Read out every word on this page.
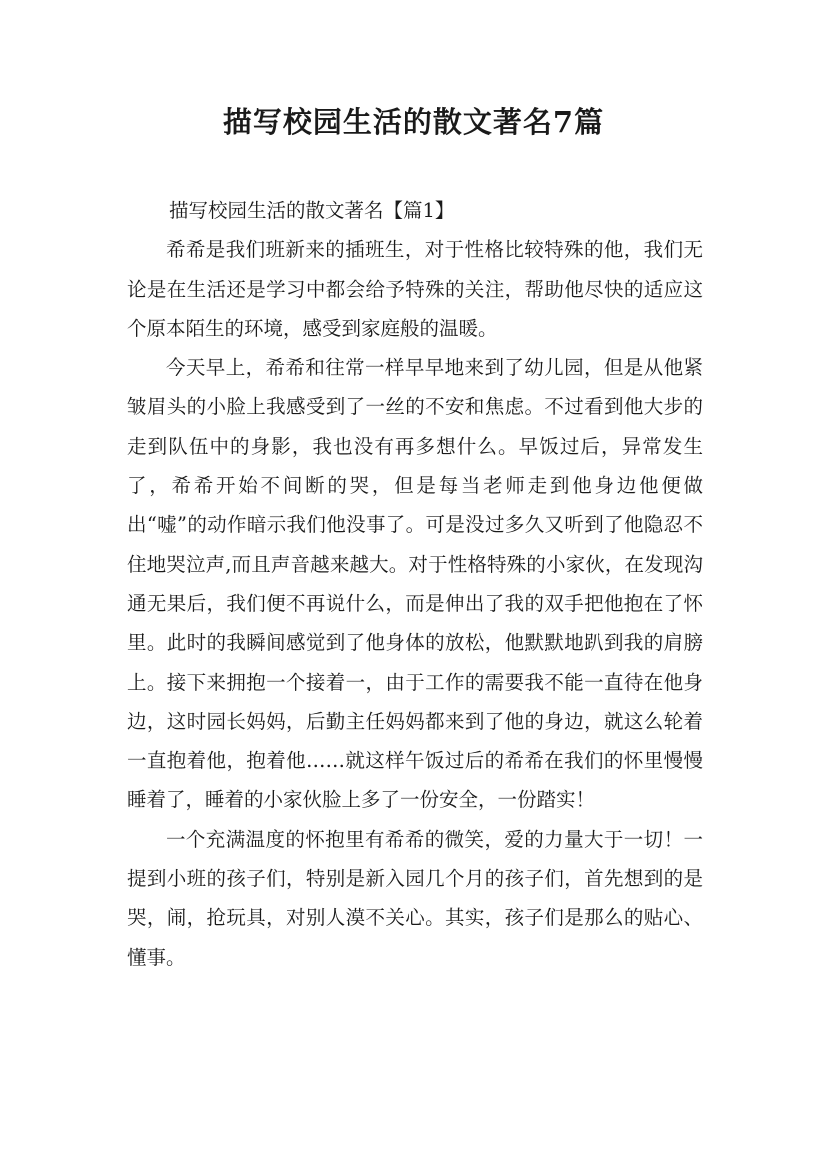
描写校园生活的散文著名7篇

描写校园生活的散文著名【篇1】

希希是我们班新来的插班生，对于性格比较特殊的他，我们无论是在生活还是学习中都会给予特殊的关注，帮助他尽快的适应这个原本陌生的环境，感受到家庭般的温暖。

今天早上，希希和往常一样早早地来到了幼儿园，但是从他紧皱眉头的小脸上我感受到了一丝的不安和焦虑。不过看到他大步的走到队伍中的身影，我也没有再多想什么。早饭过后，异常发生了，希希开始不间断的哭，但是每当老师走到他身边他便做出“嘘”的动作暗示我们他没事了。可是没过多久又听到了他隐忍不住地哭泣声,而且声音越来越大。对于性格特殊的小家伙，在发现沟通无果后，我们便不再说什么，而是伸出了我的双手把他抱在了怀里。此时的我瞬间感觉到了他身体的放松，他默默地趴到我的肩膀上。接下来拥抱一个接着一，由于工作的需要我不能一直待在他身边，这时园长妈妈，后勤主任妈妈都来到了他的身边，就这么轮着一直抱着他，抱着他……就这样午饭过后的希希在我们的怀里慢慢睡着了，睡着的小家伙脸上多了一份安全，一份踏实！

一个充满温度的怀抱里有希希的微笑，爱的力量大于一切！一提到小班的孩子们，特别是新入园几个月的孩子们，首先想到的是哭，闹，抢玩具，对别人漠不关心。其实，孩子们是那么的贴心、懂事。
